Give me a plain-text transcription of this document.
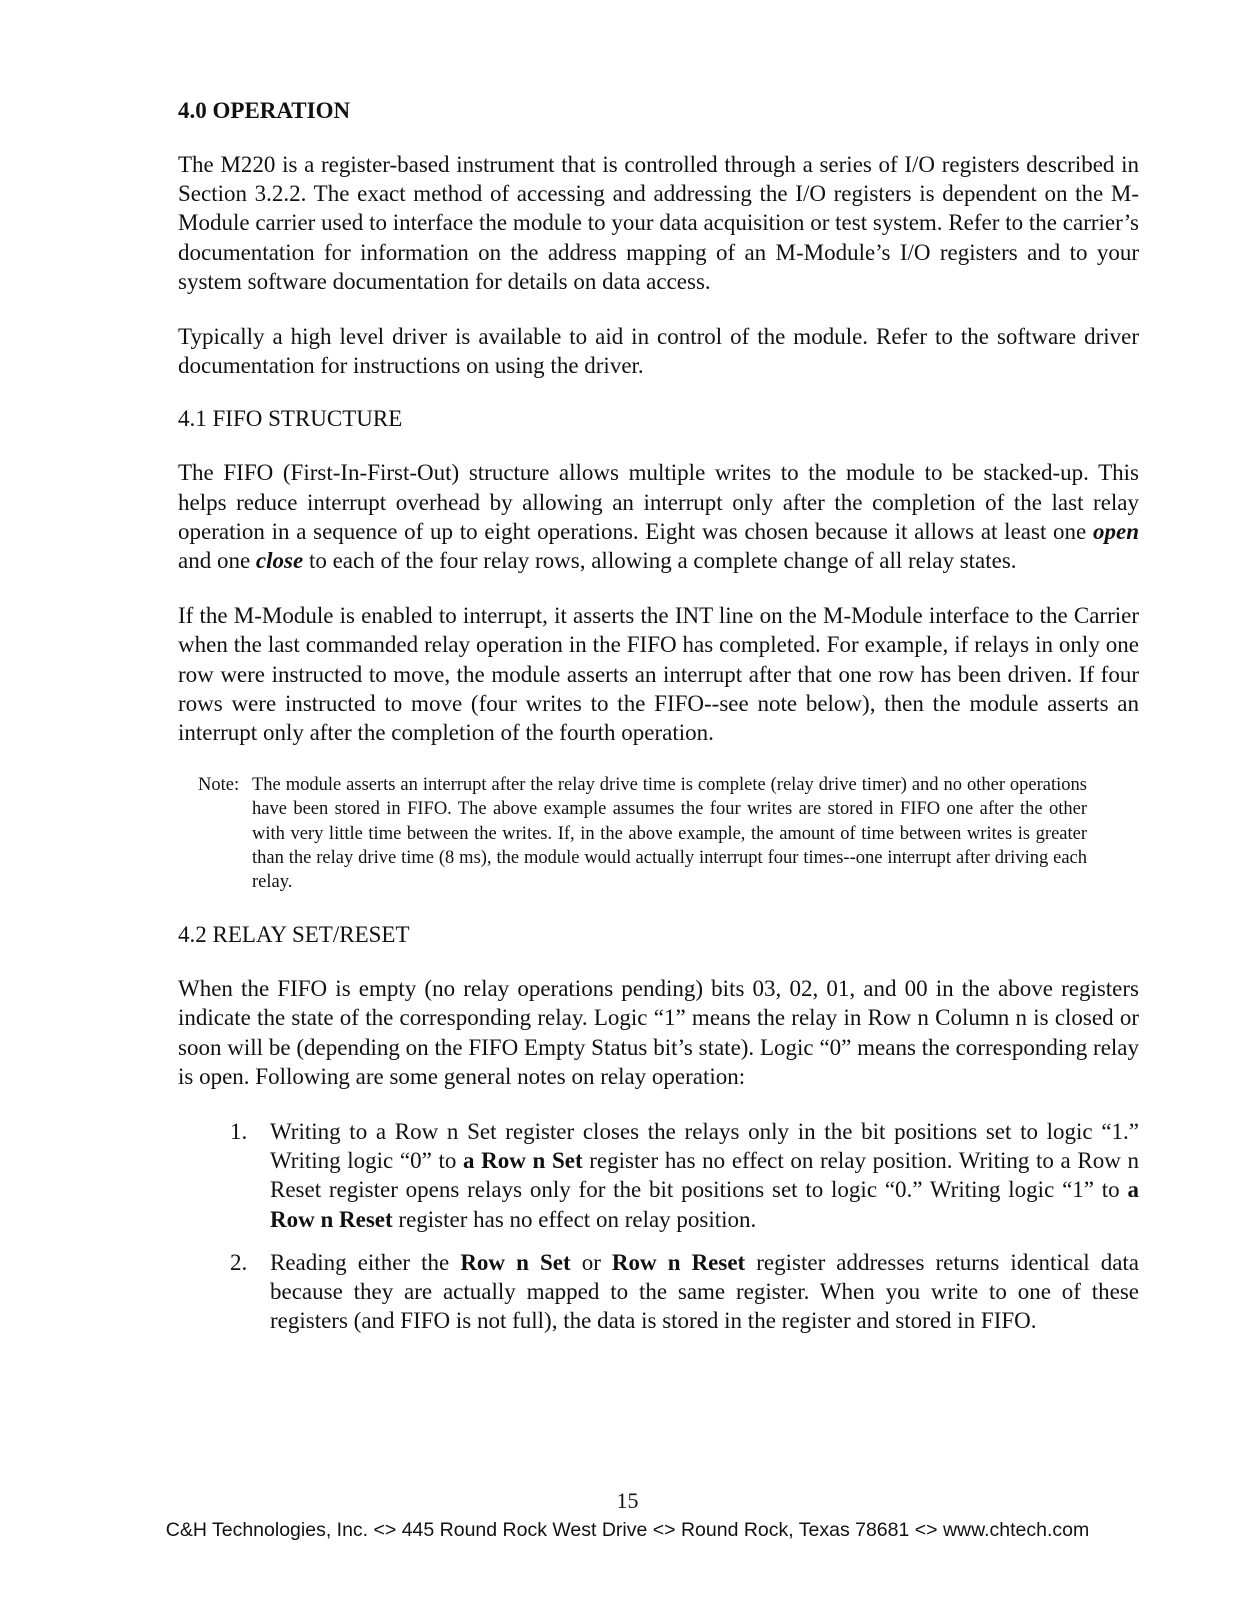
4.0 OPERATION

The M220 is a register-based instrument that is controlled through a series of I/O registers described in Section 3.2.2. The exact method of accessing and addressing the I/O registers is dependent on the M-Module carrier used to interface the module to your data acquisition or test system. Refer to the carrier’s documentation for information on the address mapping of an M-Module’s I/O registers and to your system software documentation for details on data access.

Typically a high level driver is available to aid in control of the module. Refer to the software driver documentation for instructions on using the driver.

4.1 FIFO STRUCTURE

The FIFO (First-In-First-Out) structure allows multiple writes to the module to be stacked-up. This helps reduce interrupt overhead by allowing an interrupt only after the completion of the last relay operation in a sequence of up to eight operations. Eight was chosen because it allows at least one open and one close to each of the four relay rows, allowing a complete change of all relay states.

If the M-Module is enabled to interrupt, it asserts the INT line on the M-Module interface to the Carrier when the last commanded relay operation in the FIFO has completed. For example, if relays in only one row were instructed to move, the module asserts an interrupt after that one row has been driven. If four rows were instructed to move (four writes to the FIFO--see note below), then the module asserts an interrupt only after the completion of the fourth operation.

Note: The module asserts an interrupt after the relay drive time is complete (relay drive timer) and no other operations have been stored in FIFO. The above example assumes the four writes are stored in FIFO one after the other with very little time between the writes. If, in the above example, the amount of time between writes is greater than the relay drive time (8 ms), the module would actually interrupt four times--one interrupt after driving each relay.
4.2 RELAY SET/RESET

When the FIFO is empty (no relay operations pending) bits 03, 02, 01, and 00 in the above registers indicate the state of the corresponding relay. Logic “1” means the relay in Row n Column n is closed or soon will be (depending on the FIFO Empty Status bit’s state). Logic “0” means the corresponding relay is open. Following are some general notes on relay operation:

1. Writing to a Row n Set register closes the relays only in the bit positions set to logic “1.” Writing logic “0” to a Row n Set register has no effect on relay position. Writing to a Row n Reset register opens relays only for the bit positions set to logic “0.” Writing logic “1” to a Row n Reset register has no effect on relay position.
2. Reading either the Row n Set or Row n Reset register addresses returns identical data because they are actually mapped to the same register. When you write to one of these registers (and FIFO is not full), the data is stored in the register and stored in FIFO.
15
C&H Technologies, Inc. <> 445 Round Rock West Drive <> Round Rock, Texas 78681 <> www.chtech.com
